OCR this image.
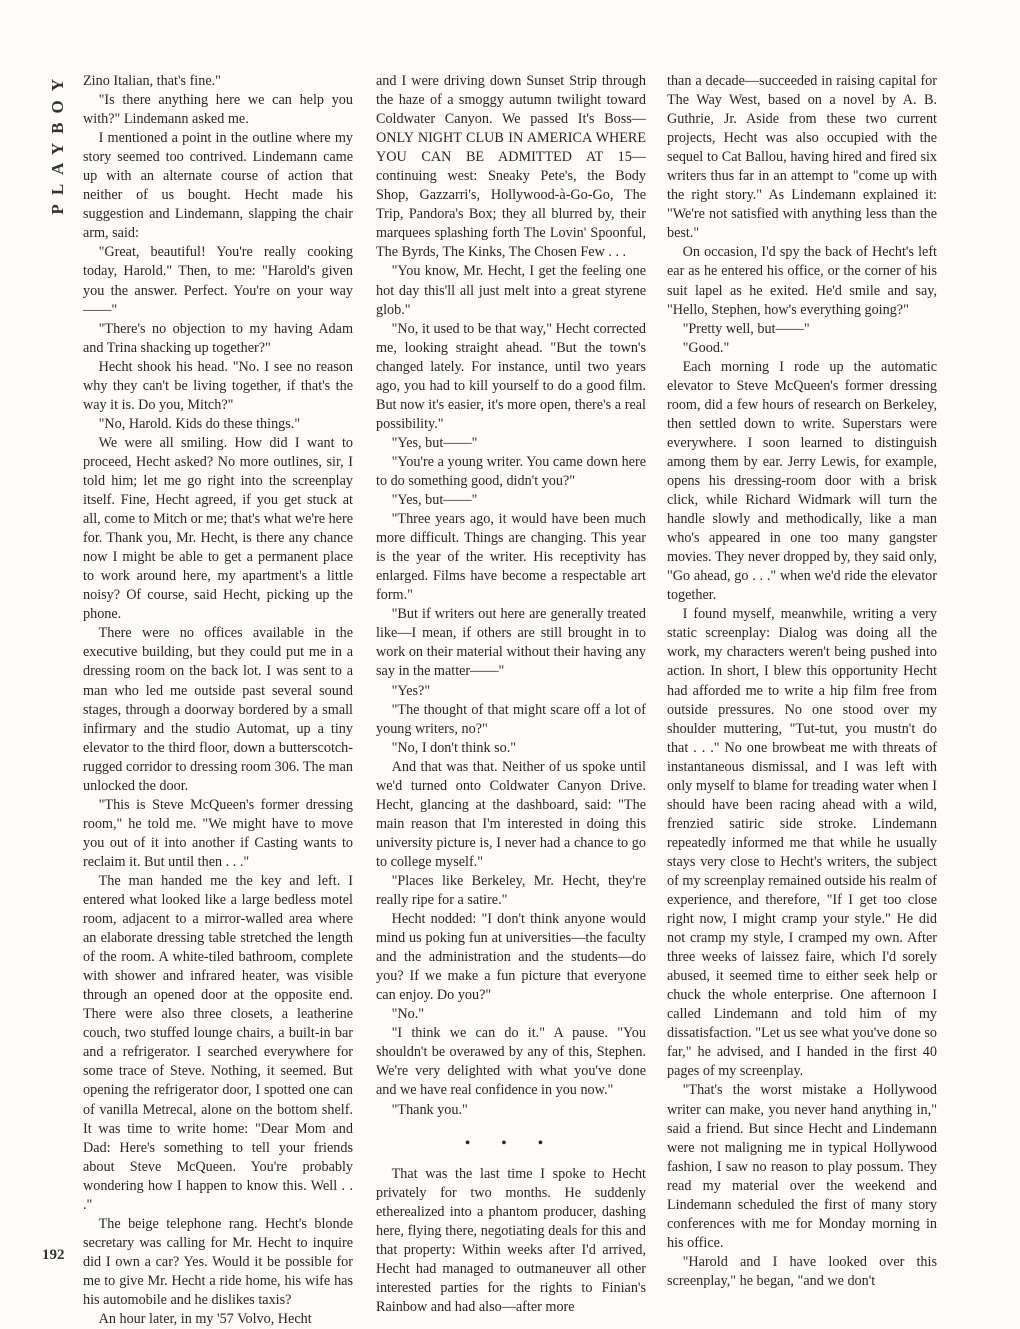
PLAYBOY
192

Zino Italian, that's fine."

"Is there anything here we can help you with?" Lindemann asked me.

I mentioned a point in the outline where my story seemed too contrived. Lindemann came up with an alternate course of action that neither of us bought. Hecht made his suggestion and Lindemann, slapping the chair arm, said:

"Great, beautiful! You're really cooking today, Harold." Then, to me: "Harold's given you the answer. Perfect. You're on your way——"

"There's no objection to my having Adam and Trina shacking up together?"

Hecht shook his head. "No. I see no reason why they can't be living together, if that's the way it is. Do you, Mitch?"

"No, Harold. Kids do these things."

We were all smiling. How did I want to proceed, Hecht asked? No more outlines, sir, I told him; let me go right into the screenplay itself. Fine, Hecht agreed, if you get stuck at all, come to Mitch or me; that's what we're here for. Thank you, Mr. Hecht, is there any chance now I might be able to get a permanent place to work around here, my apartment's a little noisy? Of course, said Hecht, picking up the phone.

There were no offices available in the executive building, but they could put me in a dressing room on the back lot. I was sent to a man who led me outside past several sound stages, through a doorway bordered by a small infirmary and the studio Automat, up a tiny elevator to the third floor, down a butterscotch-rugged corridor to dressing room 306. The man unlocked the door.

"This is Steve McQueen's former dressing room," he told me. "We might have to move you out of it into another if Casting wants to reclaim it. But until then . . ."

The man handed me the key and left. I entered what looked like a large bedless motel room, adjacent to a mirror-walled area where an elaborate dressing table stretched the length of the room. A white-tiled bathroom, complete with shower and infrared heater, was visible through an opened door at the opposite end. There were also three closets, a leatherine couch, two stuffed lounge chairs, a built-in bar and a refrigerator. I searched everywhere for some trace of Steve. Nothing, it seemed. But opening the refrigerator door, I spotted one can of vanilla Metrecal, alone on the bottom shelf. It was time to write home: "Dear Mom and Dad: Here's something to tell your friends about Steve McQueen. You're probably wondering how I happen to know this. Well . . ."

The beige telephone rang. Hecht's blonde secretary was calling for Mr. Hecht to inquire did I own a car? Yes. Would it be possible for me to give Mr. Hecht a ride home, his wife has his automobile and he dislikes taxis?

An hour later, in my '57 Volvo, Hecht

and I were driving down Sunset Strip through the haze of a smoggy autumn twilight toward Coldwater Canyon. We passed It's Boss—ONLY NIGHT CLUB IN AMERICA WHERE YOU CAN BE ADMITTED AT 15—continuing west: Sneaky Pete's, the Body Shop, Gazzarri's, Hollywood-à-Go-Go, The Trip, Pandora's Box; they all blurred by, their marquees splashing forth The Lovin' Spoonful, The Byrds, The Kinks, The Chosen Few . . .

"You know, Mr. Hecht, I get the feeling one hot day this'll all just melt into a great styrene glob."

"No, it used to be that way," Hecht corrected me, looking straight ahead. "But the town's changed lately. For instance, until two years ago, you had to kill yourself to do a good film. But now it's easier, it's more open, there's a real possibility."

"Yes, but——"

"You're a young writer. You came down here to do something good, didn't you?"

"Yes, but——"

"Three years ago, it would have been much more difficult. Things are changing. This year is the year of the writer. His receptivity has enlarged. Films have become a respectable art form."

"But if writers out here are generally treated like—I mean, if others are still brought in to work on their material without their having any say in the matter——"

"Yes?"

"The thought of that might scare off a lot of young writers, no?"

"No, I don't think so."

And that was that. Neither of us spoke until we'd turned onto Coldwater Canyon Drive. Hecht, glancing at the dashboard, said: "The main reason that I'm interested in doing this university picture is, I never had a chance to go to college myself."

"Places like Berkeley, Mr. Hecht, they're really ripe for a satire."

Hecht nodded: "I don't think anyone would mind us poking fun at universities—the faculty and the administration and the students—do you? If we make a fun picture that everyone can enjoy. Do you?"

"No."

"I think we can do it." A pause. "You shouldn't be overawed by any of this, Stephen. We're very delighted with what you've done and we have real confidence in you now."

"Thank you."

• • •

That was the last time I spoke to Hecht privately for two months. He suddenly etherealized into a phantom producer, dashing here, flying there, negotiating deals for this and that property: Within weeks after I'd arrived, Hecht had managed to outmaneuver all other interested parties for the rights to Finian's Rainbow and had also—after more

than a decade—succeeded in raising capital for The Way West, based on a novel by A. B. Guthrie, Jr. Aside from these two current projects, Hecht was also occupied with the sequel to Cat Ballou, having hired and fired six writers thus far in an attempt to "come up with the right story." As Lindemann explained it: "We're not satisfied with anything less than the best."

On occasion, I'd spy the back of Hecht's left ear as he entered his office, or the corner of his suit lapel as he exited. He'd smile and say, "Hello, Stephen, how's everything going?"

"Pretty well, but——"

"Good."

Each morning I rode up the automatic elevator to Steve McQueen's former dressing room, did a few hours of research on Berkeley, then settled down to write. Superstars were everywhere. I soon learned to distinguish among them by ear. Jerry Lewis, for example, opens his dressing-room door with a brisk click, while Richard Widmark will turn the handle slowly and methodically, like a man who's appeared in one too many gangster movies. They never dropped by, they said only, "Go ahead, go . . ." when we'd ride the elevator together.

I found myself, meanwhile, writing a very static screenplay: Dialog was doing all the work, my characters weren't being pushed into action. In short, I blew this opportunity Hecht had afforded me to write a hip film free from outside pressures. No one stood over my shoulder muttering, "Tut-tut, you mustn't do that . . ." No one browbeat me with threats of instantaneous dismissal, and I was left with only myself to blame for treading water when I should have been racing ahead with a wild, frenzied satiric side stroke. Lindemann repeatedly informed me that while he usually stays very close to Hecht's writers, the subject of my screenplay remained outside his realm of experience, and therefore, "If I get too close right now, I might cramp your style." He did not cramp my style, I cramped my own. After three weeks of laissez faire, which I'd sorely abused, it seemed time to either seek help or chuck the whole enterprise. One afternoon I called Lindemann and told him of my dissatisfaction. "Let us see what you've done so far," he advised, and I handed in the first 40 pages of my screenplay.

"That's the worst mistake a Hollywood writer can make, you never hand anything in," said a friend. But since Hecht and Lindemann were not maligning me in typical Hollywood fashion, I saw no reason to play possum. They read my material over the weekend and Lindemann scheduled the first of many story conferences with me for Monday morning in his office.

"Harold and I have looked over this screenplay," he began, "and we don't
